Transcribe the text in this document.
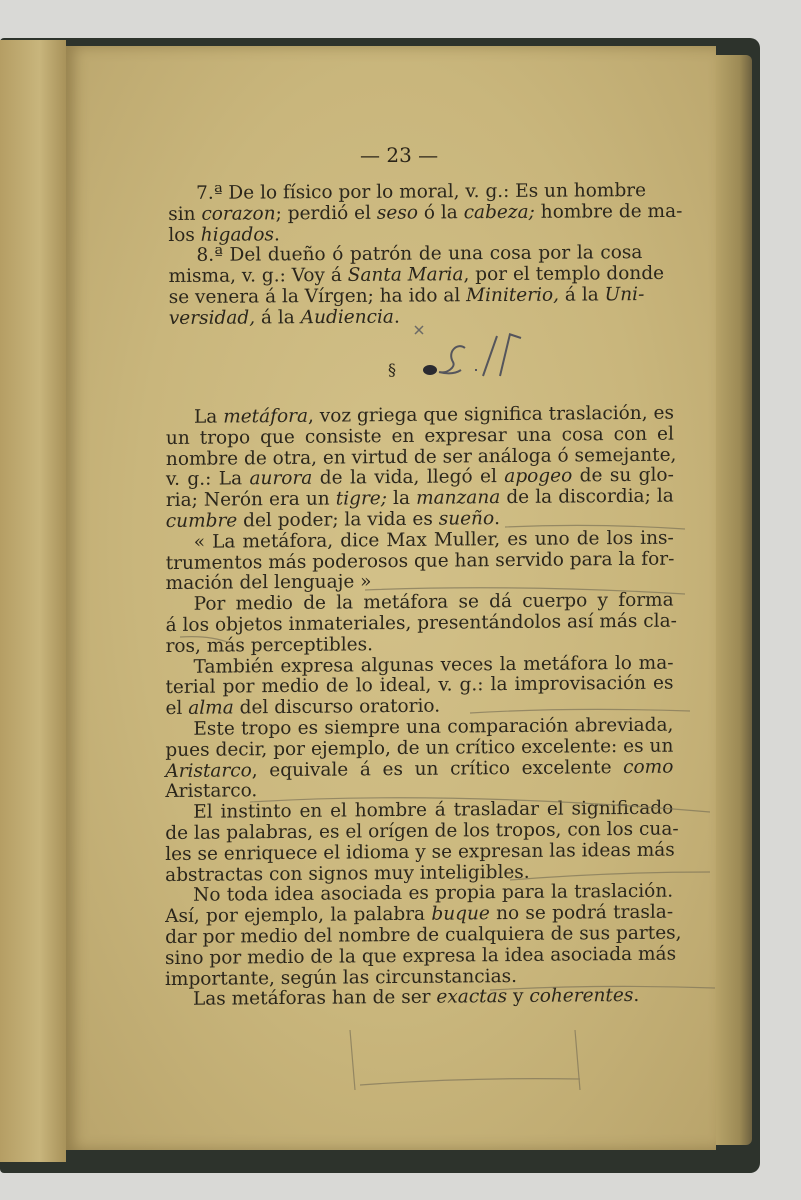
— 23 —
7.ª De lo físico por lo moral, v. g.: Es un hombre
sin corazon; perdió el seso ó la cabeza; hombre de ma-
los higados.
8.ª Del dueño ó patrón de una cosa por la cosa
misma, v. g.: Voy á Santa Maria, por el templo donde
se venera á la Vírgen; ha ido al Miniterio, á la Uni-
versidad, á la Audiencia.
§
La metáfora, voz griega que significa traslación, es
un tropo que consiste en expresar una cosa con el
nombre de otra, en virtud de ser análoga ó semejante,
v. g.: La aurora de la vida, llegó el apogeo de su glo-
ria; Nerón era un tigre; la manzana de la discordia; la
cumbre del poder; la vida es sueño.
« La metáfora, dice Max Muller, es uno de los ins-
trumentos más poderosos que han servido para la for-
mación del lenguaje »
Por medio de la metáfora se dá cuerpo y forma
á los objetos inmateriales, presentándolos así más cla-
ros, más perceptibles.
También expresa algunas veces la metáfora lo ma-
terial por medio de lo ideal, v. g.: la improvisación es
el alma del discurso oratorio.
Este tropo es siempre una comparación abreviada,
pues decir, por ejemplo, de un crítico excelente: es un
Aristarco, equivale á es un crítico excelente como
Aristarco.
El instinto en el hombre á trasladar el significado
de las palabras, es el orígen de los tropos, con los cua-
les se enriquece el idioma y se expresan las ideas más
abstractas con signos muy inteligibles.
No toda idea asociada es propia para la traslación.
Así, por ejemplo, la palabra buque no se podrá trasla-
dar por medio del nombre de cualquiera de sus partes,
sino por medio de la que expresa la idea asociada más
importante, según las circunstancias.
Las metáforas han de ser exactas y coherentes.
